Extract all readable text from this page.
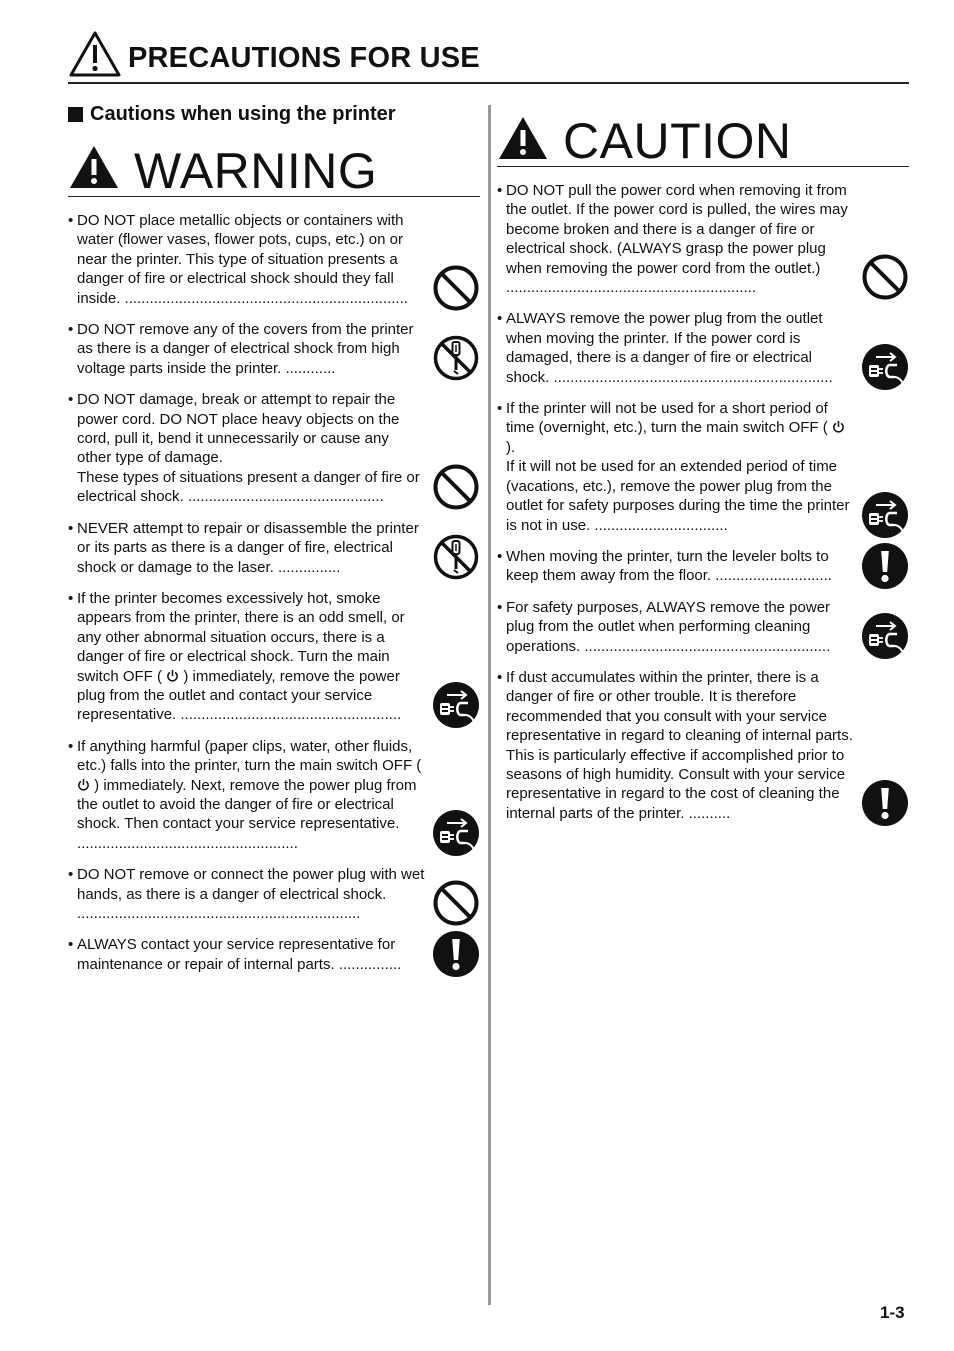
PRECAUTIONS FOR USE
Cautions when using the printer
WARNING
• DO NOT place metallic objects or containers with water (flower vases, flower pots, cups, etc.) on or near the printer. This type of situation presents a danger of fire or electrical shock should they fall inside. ....................................................................
• DO NOT remove any of the covers from the printer as there is a danger of electrical shock from high voltage parts inside the printer. ............
• DO NOT damage, break or attempt to repair the power cord. DO NOT place heavy objects on the cord, pull it, bend it unnecessarily or cause any other type of damage.
These types of situations present a danger of fire or electrical shock. ...............................................
• NEVER attempt to repair or disassemble the printer or its parts as there is a danger of fire, electrical shock or damage to the laser. ...............
• If the printer becomes excessively hot, smoke appears from the printer, there is an odd smell, or any other abnormal situation occurs, there is a danger of fire or electrical shock. Turn the main switch OFF ( ) immediately, remove the power plug from the outlet and contact your service representative. .....................................................
• If anything harmful (paper clips, water, other fluids, etc.) falls into the printer, turn the main switch OFF (  ) immediately. Next, remove the power plug from the outlet to avoid the danger of fire or electrical shock. Then contact your service representative. .....................................................
• DO NOT remove or connect the power plug with wet hands, as there is a danger of electrical shock. ....................................................................
• ALWAYS contact your service representative for maintenance or repair of internal parts. ...............
CAUTION
• DO NOT pull the power cord when removing it from the outlet. If the power cord is pulled, the wires may become broken and there is a danger of fire or electrical shock. (ALWAYS grasp the power plug when removing the power cord from the outlet.) ............................................................
• ALWAYS remove the power plug from the outlet when moving the printer. If the power cord is damaged, there is a danger of fire or electrical shock. ...................................................................
• If the printer will not be used for a short period of time (overnight, etc.), turn the main switch OFF (  ).
If it will not be used for an extended period of time (vacations, etc.), remove the power plug from the outlet for safety purposes during the time the printer is not in use. ................................
• When moving the printer, turn the leveler bolts to keep them away from the floor. ............................
• For safety purposes, ALWAYS remove the power plug from the outlet when performing cleaning operations. ...........................................................
• If dust accumulates within the printer, there is a danger of fire or other trouble. It is therefore recommended that you consult with your service representative in regard to cleaning of internal parts. This is particularly effective if accomplished prior to seasons of high humidity. Consult with your service representative in regard to the cost of cleaning the internal parts of the printer. ..........
1-3
